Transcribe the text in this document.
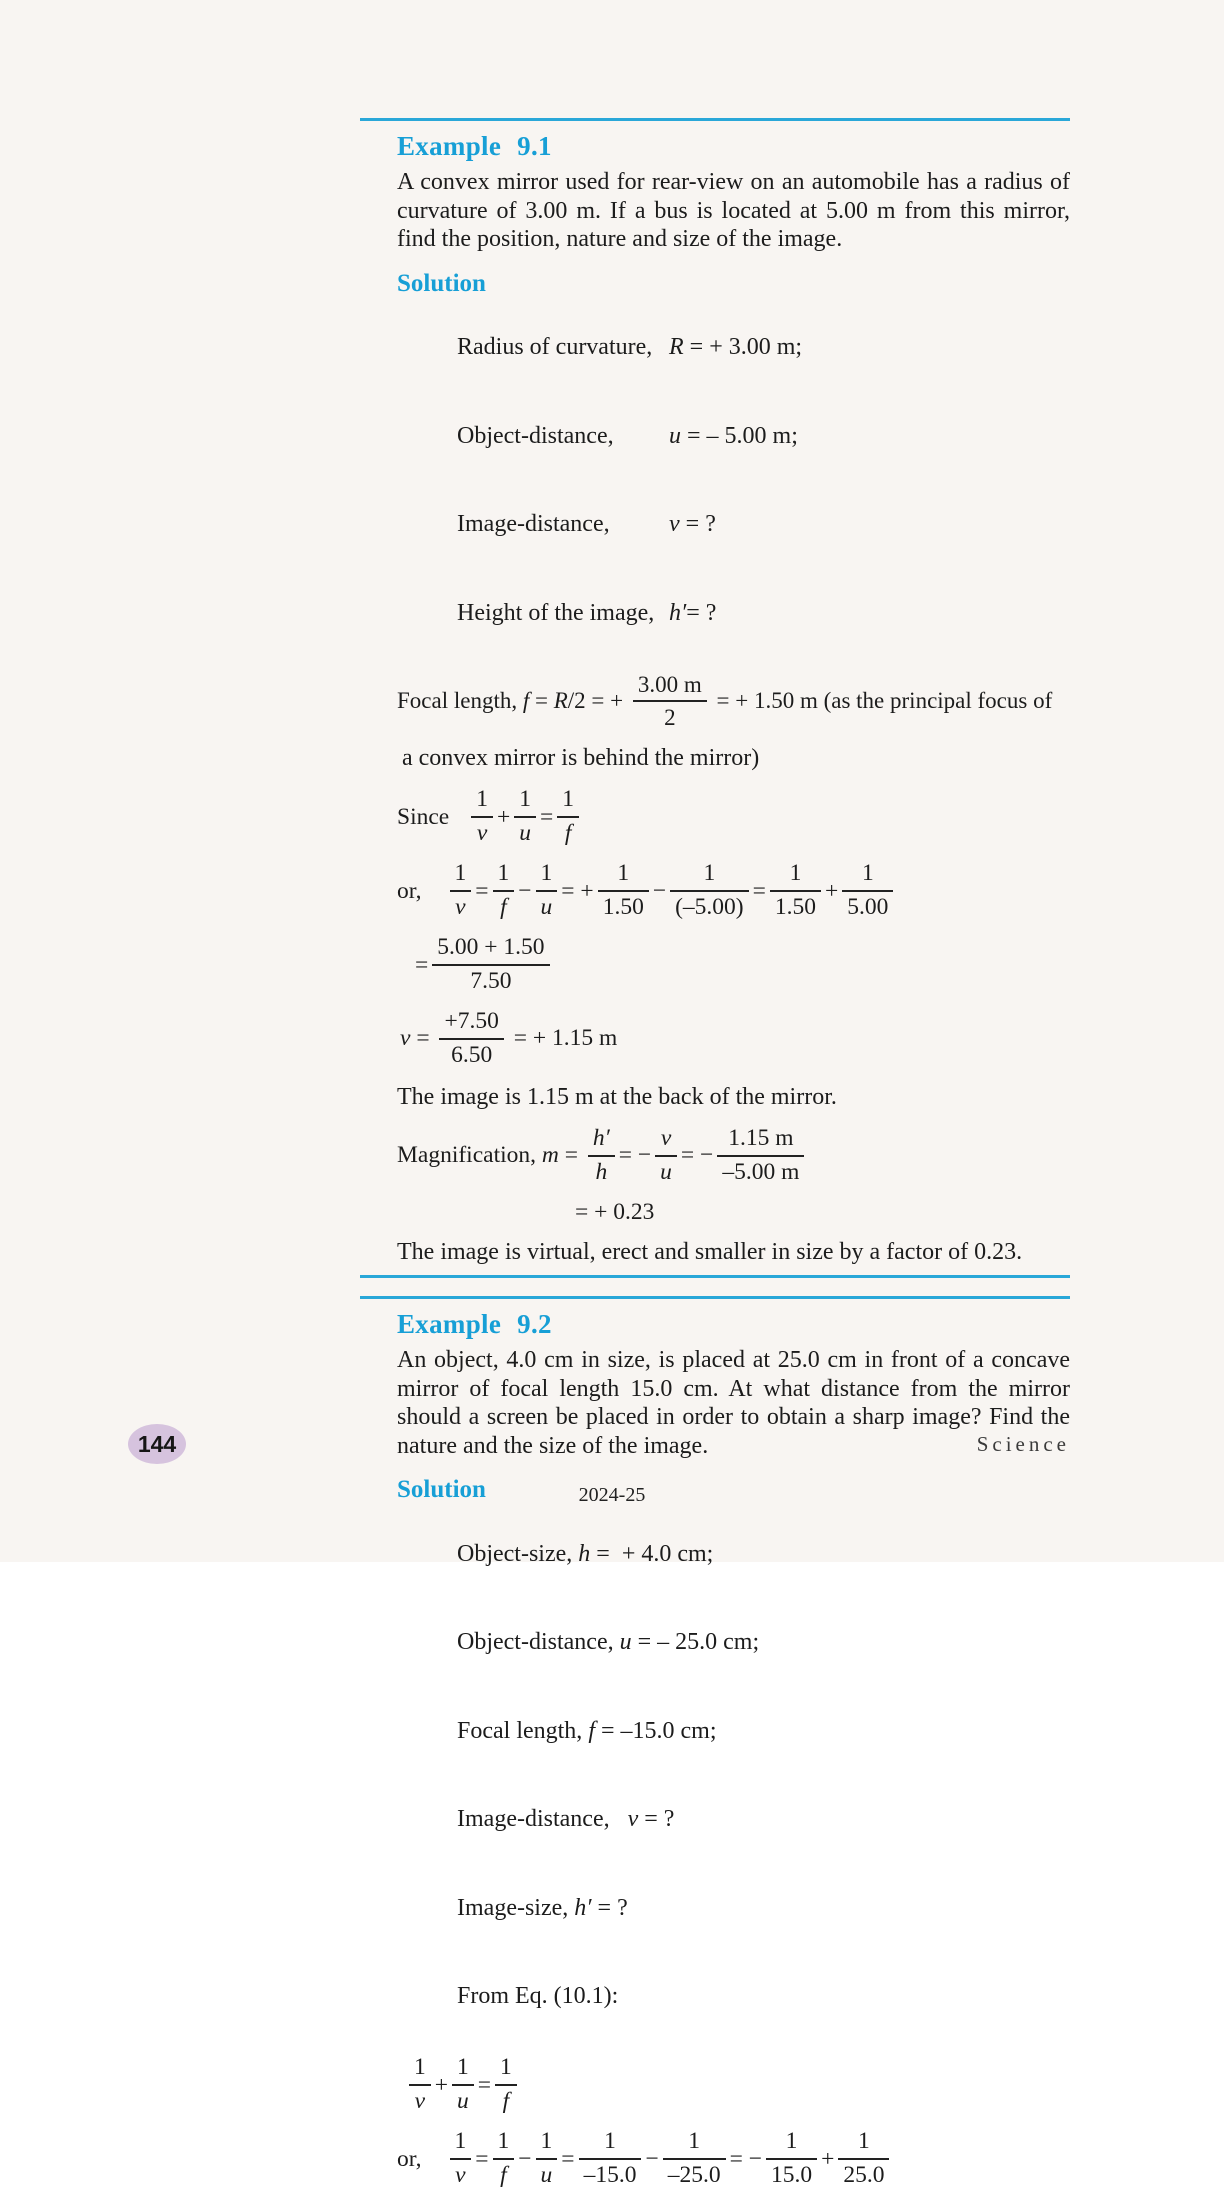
Example 9.1

A convex mirror used for rear-view on an automobile has a radius of curvature of 3.00 m. If a bus is located at 5.00 m from this mirror, find the position, nature and size of the image.

Solution

Radius of curvature, R = + 3.00 m;

Object-distance, u = – 5.00 m;

Image-distance, v = ?

Height of the image, h′= ?

Focal length, f = R/2 = + $\frac{3.00 m}{2}$ = + 1.50 m (as the principal focus of

a convex mirror is behind the mirror)

Since $\frac{1}{v} + \frac{1}{u} = \frac{1}{f}$
or, $\frac{1}{v} = \frac{1}{f} - \frac{1}{u}$ = + $\frac{1}{1.50} - \frac{1}{(-5.00)} = \frac{1}{1.50} + \frac{1}{5.00}$
= $\frac{5.00 + 1.50}{7.50}$
$v = \frac{+7.50}{6.50}$ = + 1.15 m

The image is 1.15 m at the back of the mirror.

Magnification, $m = \frac{h'}{h}$ = − $\frac{v}{u}$ = − $\frac{1.15 m}{-5.00 m}$
= + 0.23

The image is virtual, erect and smaller in size by a factor of 0.23.

Example 9.2

An object, 4.0 cm in size, is placed at 25.0 cm in front of a concave mirror of focal length 15.0 cm. At what distance from the mirror should a screen be placed in order to obtain a sharp image? Find the nature and the size of the image.

Solution

Object-size, h =  + 4.0 cm;

Object-distance, u = – 25.0 cm;

Focal length, f = –15.0 cm;

Image-distance,   v = ?

Image-size, h′ = ?

From Eq. (10.1):

$\frac{1}{v} + \frac{1}{u} = \frac{1}{f}$
or, $\frac{1}{v} = \frac{1}{f} - \frac{1}{u} = \frac{1}{-15.0} - \frac{1}{-25.0}$ = − $\frac{1}{15.0} + \frac{1}{25.0}$
144	Science
2024-25
